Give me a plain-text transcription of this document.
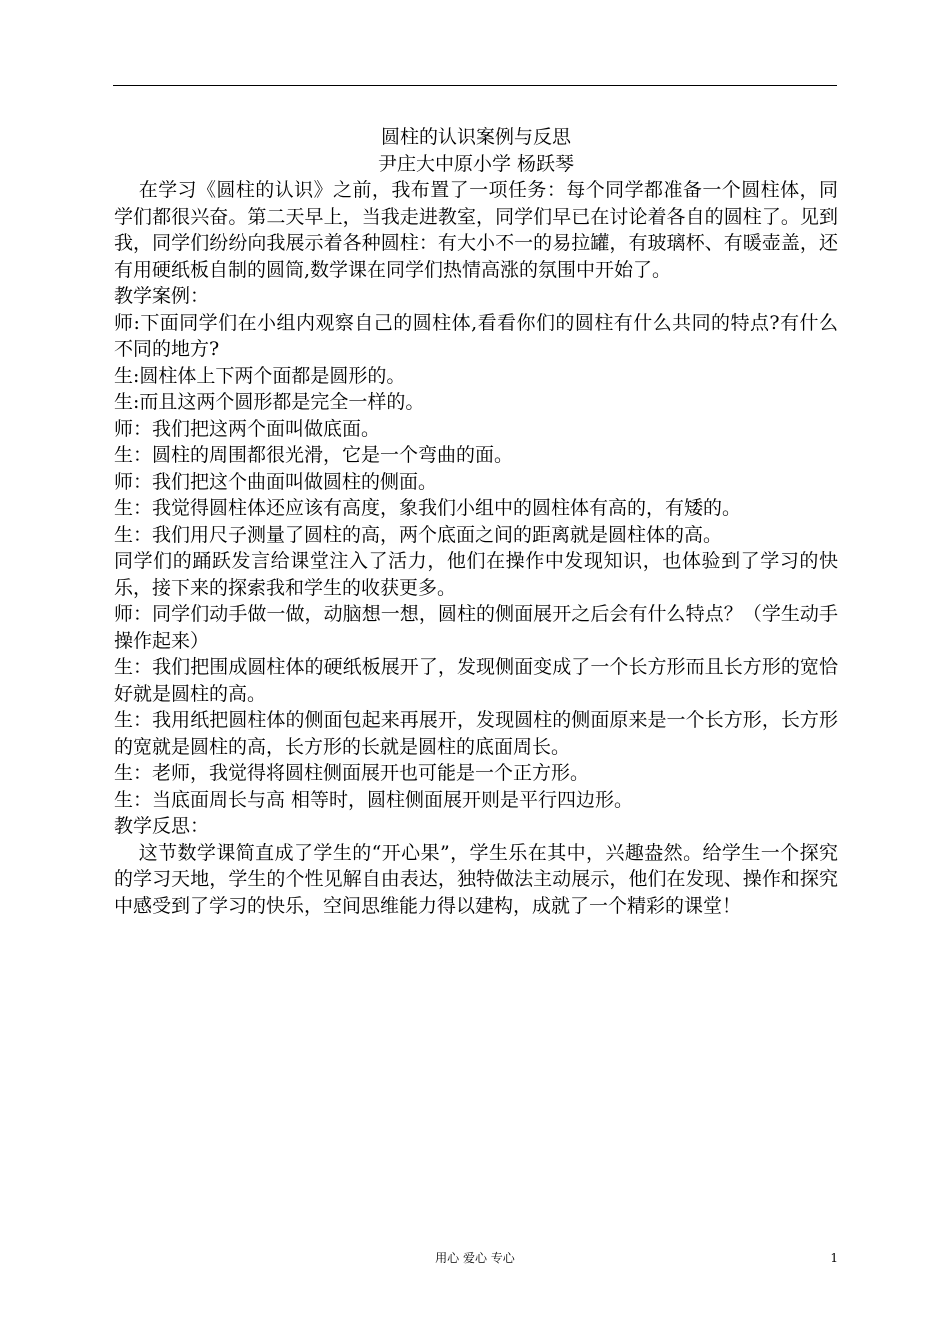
圆柱的认识案例与反思
尹庄大中原小学 杨跃琴

在学习《圆柱的认识》之前，我布置了一项任务：每个同学都准备一个圆柱体，同学们都很兴奋。第二天早上，当我走进教室，同学们早已在讨论着各自的圆柱了。见到我，同学们纷纷向我展示着各种圆柱：有大小不一的易拉罐，有玻璃杯、有暖壶盖，还有用硬纸板自制的圆筒,数学课在同学们热情高涨的氛围中开始了。

教学案例：

师:下面同学们在小组内观察自己的圆柱体,看看你们的圆柱有什么共同的特点?有什么不同的地方?

生:圆柱体上下两个面都是圆形的。

生:而且这两个圆形都是完全一样的。

师：我们把这两个面叫做底面。

生：圆柱的周围都很光滑，它是一个弯曲的面。

师：我们把这个曲面叫做圆柱的侧面。

生：我觉得圆柱体还应该有高度，象我们小组中的圆柱体有高的，有矮的。

生：我们用尺子测量了圆柱的高，两个底面之间的距离就是圆柱体的高。

同学们的踊跃发言给课堂注入了活力，他们在操作中发现知识，也体验到了学习的快乐，接下来的探索我和学生的收获更多。

师：同学们动手做一做，动脑想一想，圆柱的侧面展开之后会有什么特点？（学生动手操作起来）

生：我们把围成圆柱体的硬纸板展开了，发现侧面变成了一个长方形而且长方形的宽恰好就是圆柱的高。

生：我用纸把圆柱体的侧面包起来再展开，发现圆柱的侧面原来是一个长方形，长方形的宽就是圆柱的高，长方形的长就是圆柱的底面周长。

生：老师，我觉得将圆柱侧面展开也可能是一个正方形。

生：当底面周长与高 相等时，圆柱侧面展开则是平行四边形。

教学反思：

这节数学课简直成了学生的“开心果”，学生乐在其中，兴趣盎然。给学生一个探究的学习天地，学生的个性见解自由表达，独特做法主动展示，他们在发现、操作和探究中感受到了学习的快乐，空间思维能力得以建构，成就了一个精彩的课堂！

用心 爱心 专心	1
